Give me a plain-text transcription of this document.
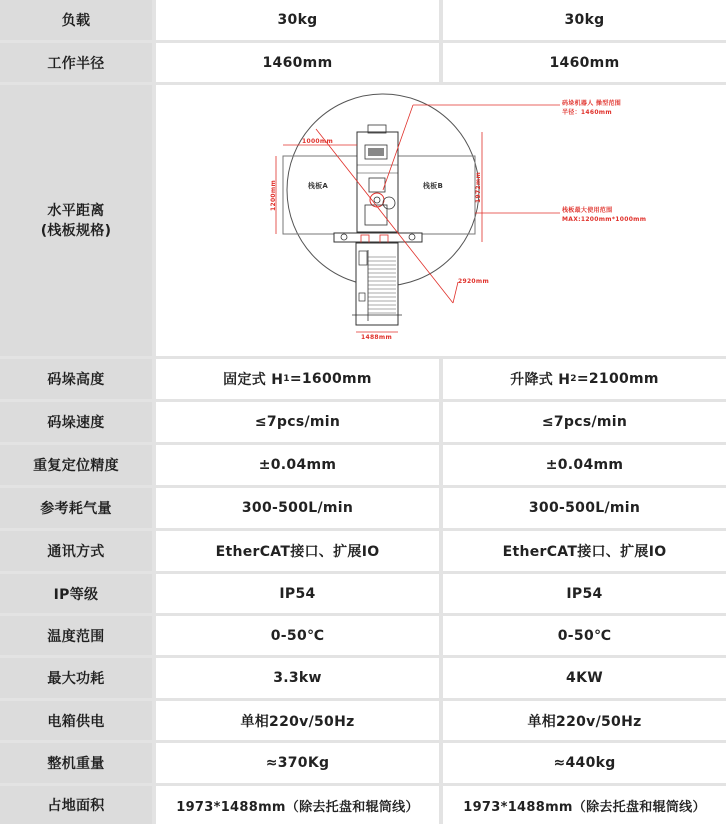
负载	30kg	30kg
工作半径	1460mm	1460mm
水平距离
(栈板规格)
栈板A	栈板B
1000mm
1200mm	1972mm
2920mm
1488mm
码垛机器人 操型范围
半径：1460mm
栈板最大使用范围
MAX:1200mm*1000mm
码垛高度	固定式 H 1 =1600mm	升降式 H 2 =2100mm
码垛速度	≤7pcs/min	≤7pcs/min
重复定位精度	±0.04mm	±0.04mm
参考耗气量	300-500L/min	300-500L/min
通讯方式	EtherCAT接口、扩展IO	EtherCAT接口、扩展IO
IP等级	IP54	IP54
温度范围	0-50℃	0-50℃
最大功耗	3.3kw	4KW
电箱供电	单相220v/50Hz	单相220v/50Hz
整机重量	≈370Kg	≈440kg
占地面积	1973*1488mm（除去托盘和辊筒线）	1973*1488mm（除去托盘和辊筒线）
